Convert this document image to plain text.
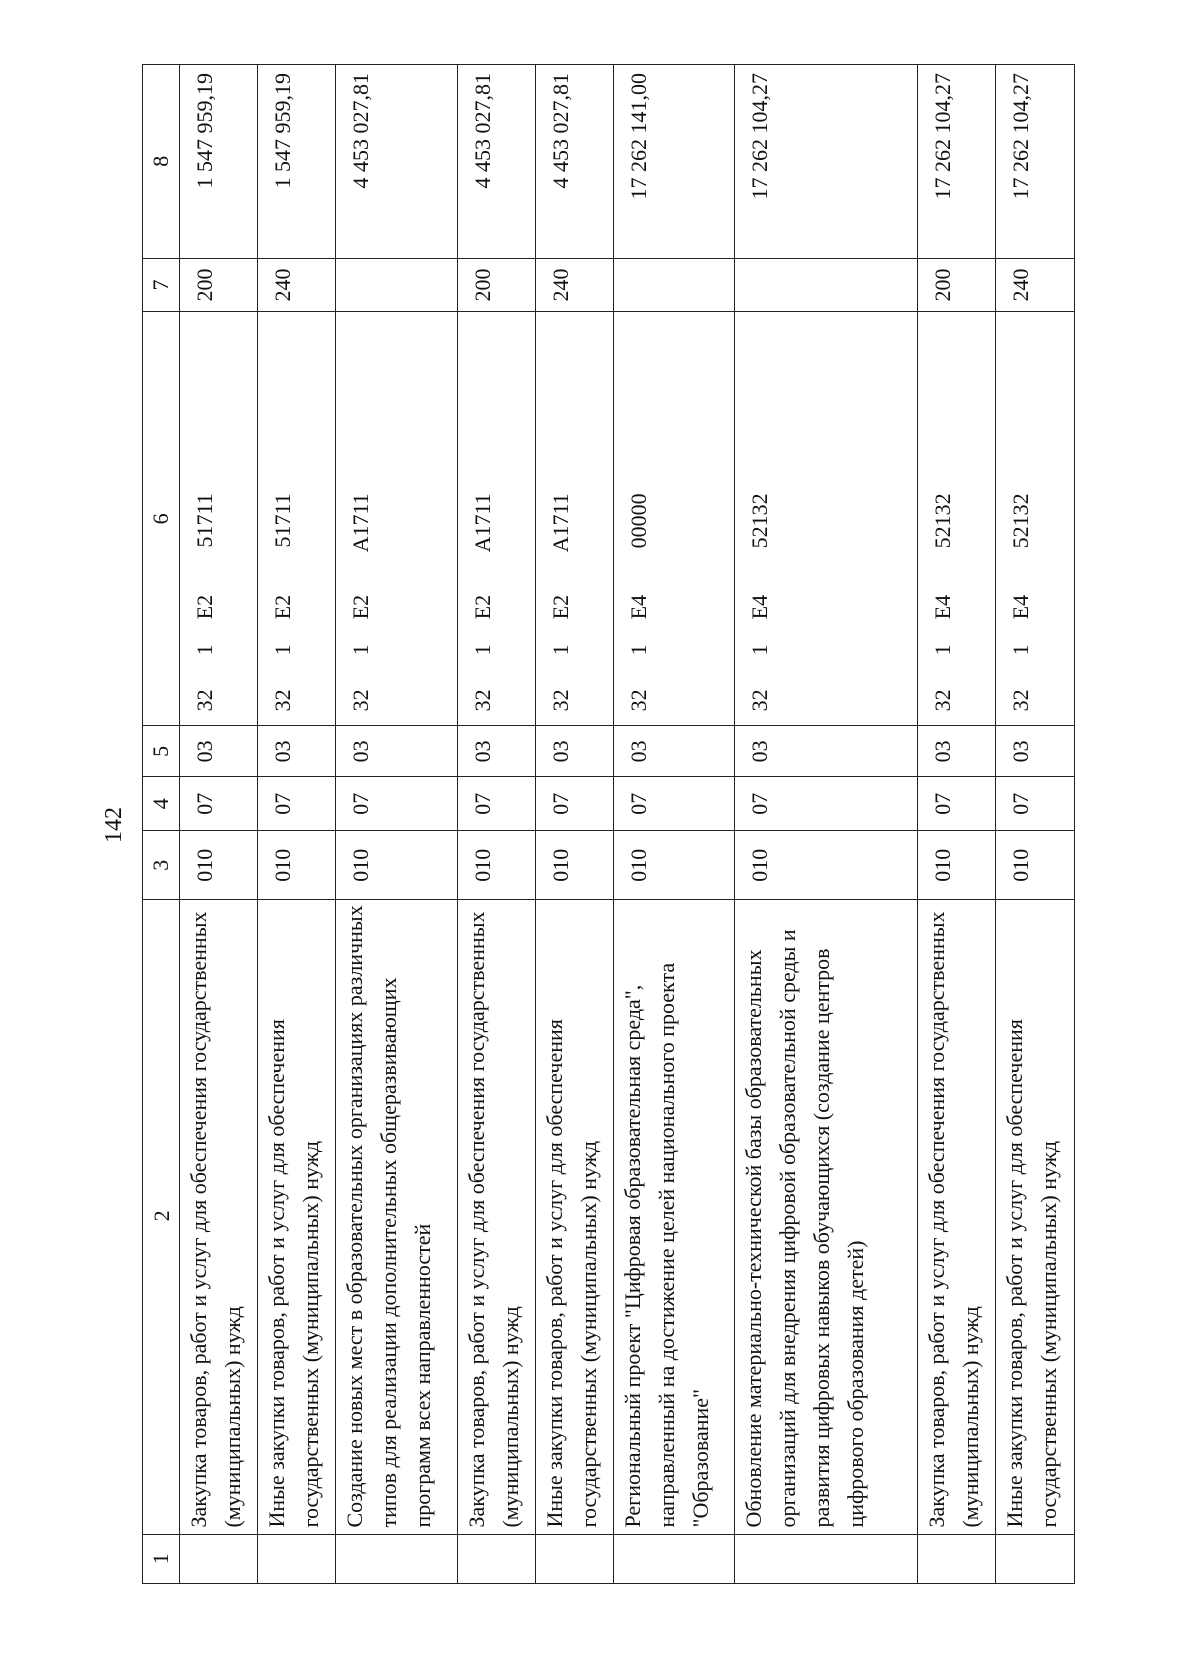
142
1	2	3	4	5	6	7	8
	Закупка товаров, работ и услуг для обеспечения государственных (муниципальных) нужд	010	07	03	321E251711	200	1 547 959,19
	Иные закупки товаров, работ и услуг для обеспечения государственных (муниципальных) нужд	010	07	03	321E251711	240	1 547 959,19
	Создание новых мест в образовательных организациях различных типов для реализации дополнительных общеразвивающих программ всех направленностей	010	07	03	321E2A1711		4 453 027,81
	Закупка товаров, работ и услуг для обеспечения государственных (муниципальных) нужд	010	07	03	321E2A1711	200	4 453 027,81
	Иные закупки товаров, работ и услуг для обеспечения государственных (муниципальных) нужд	010	07	03	321E2A1711	240	4 453 027,81
	Региональный проект "Цифровая образовательная среда", направленный на достижение целей национального проекта "Образование"	010	07	03	321E400000		17 262 141,00
	Обновление материально-технической базы образовательных организаций для внедрения цифровой образовательной среды и развития цифровых навыков обучающихся (создание центров цифрового образования детей)	010	07	03	321E452132		17 262 104,27
	Закупка товаров, работ и услуг для обеспечения государственных (муниципальных) нужд	010	07	03	321E452132	200	17 262 104,27
	Иные закупки товаров, работ и услуг для обеспечения государственных (муниципальных) нужд	010	07	03	321E452132	240	17 262 104,27
